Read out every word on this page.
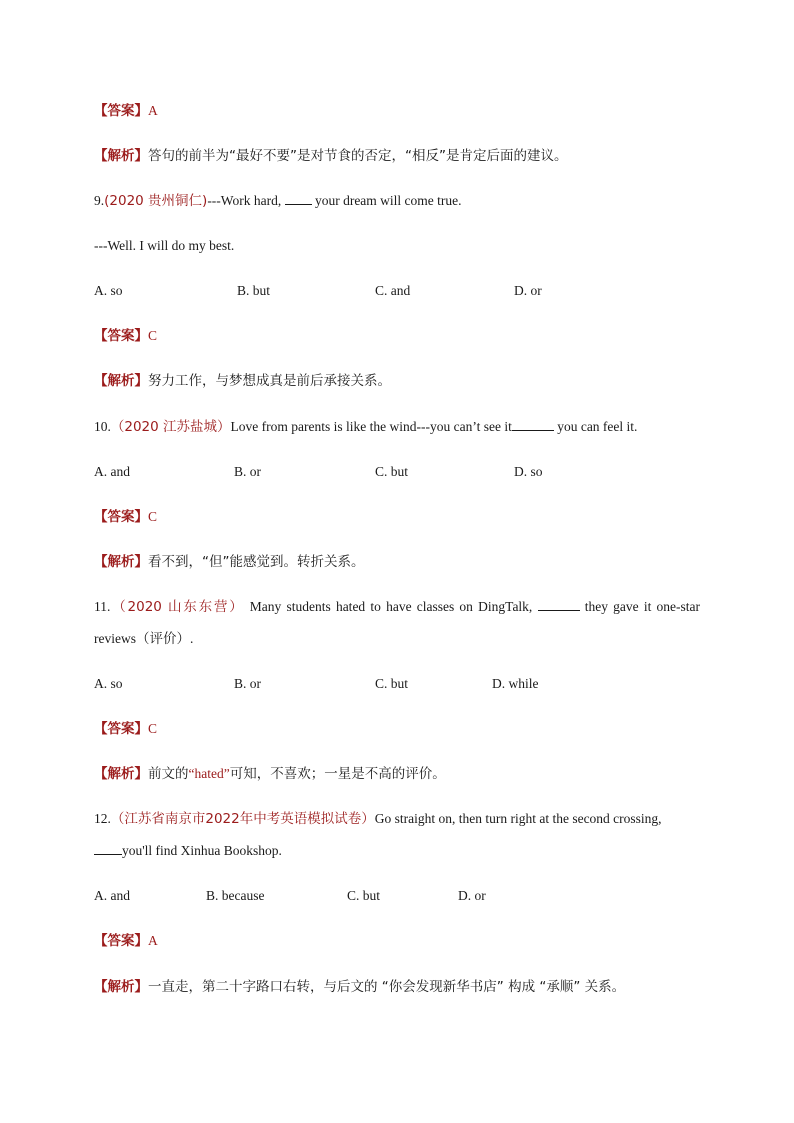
【答案】A
【解析】答句的前半为“最好不要”是对节食的否定，“相反”是肯定后面的建议。
9.(2020 贵州铜仁)---Work hard,  your dream will come true.
---Well. I will do my best.
A. so	B. but	C. and	D. or
【答案】C
【解析】努力工作，与梦想成真是前后承接关系。
10.（2020 江苏盐城）Love from parents is like the wind---you can’t see it	you can feel it.
A. and	B. or	C. but	D. so
【答案】C
【解析】看不到，“但”能感觉到。转折关系。
11.（2020 山东东营） Many students hated to have classes on DingTalk,	they gave it one-star
reviews（评价）.
A. so	B. or	C. but	D. while
【答案】C
【解析】前文的“hated”可知，不喜欢；一星是不高的评价。
12.（江苏省南京市2022年中考英语模拟试卷）Go straight on, then turn right at the second crossing,
you'll find Xinhua Bookshop.
A. and	B. because	C. but	D. or
【答案】A
【解析】一直走，第二十字路口右转，与后文的 “你会发现新华书店” 构成 “承顺” 关系。
